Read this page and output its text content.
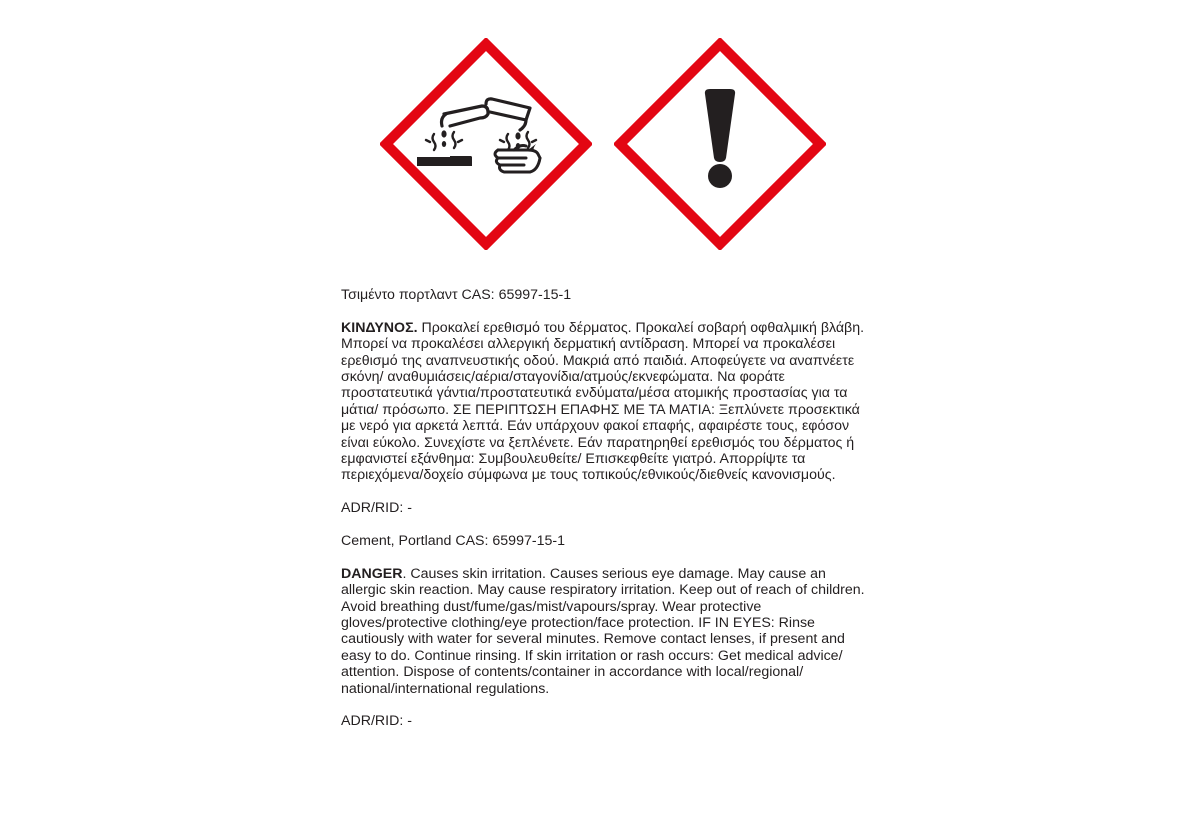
Τσιμέντο πορτλαντ CAS: 65997-15-1

ΚΙΝΔΥΝΟΣ. Προκαλεί ερεθισμό του δέρματος. Προκαλεί σοβαρή οφθαλμική βλάβη. Μπορεί να προκαλέσει αλλεργική δερματική αντίδραση. Μπορεί να προκαλέσει ερεθισμό της αναπνευστικής οδού. Μακριά από παιδιά. Αποφεύγετε να αναπνέετε σκόνη/ αναθυμιάσεις/αέρια/σταγονίδια/ατμούς/εκνεφώματα. Να φοράτε προστατευτικά γάντια/προστατευτικά ενδύματα/μέσα ατομικής προστασίας για τα μάτια/ πρόσωπο. ΣΕ ΠΕΡΙΠΤΩΣΗ ΕΠΑΦΗΣ ΜΕ ΤΑ ΜΑΤΙΑ: Ξεπλύνετε προσεκτικά με νερό για αρκετά λεπτά. Εάν υπάρχουν φακοί επαφής, αφαιρέστε τους, εφόσον είναι εύκολο. Συνεχίστε να ξεπλένετε. Εάν παρατηρηθεί ερεθισμός του δέρματος ή εμφανιστεί εξάνθημα: Συμβουλευθείτε/ Επισκεφθείτε γιατρό. Απορρίψτε τα περιεχόμενα/δοχείο σύμφωνα με τους τοπικούς/εθνικούς/διεθνείς κανονισμούς.

ADR/RID: -

Cement, Portland CAS: 65997-15-1

DANGER. Causes skin irritation. Causes serious eye damage. May cause an allergic skin reaction. May cause respiratory irritation. Keep out of reach of children. Avoid breathing dust/fume/gas/mist/vapours/spray. Wear protective gloves/protective clothing/eye protection/face protection. IF IN EYES: Rinse cautiously with water for several minutes. Remove contact lenses, if present and easy to do. Continue rinsing. If skin irritation or rash occurs: Get medical advice/ attention. Dispose of contents/container in accordance with local/regional/ national/international regulations.

ADR/RID: -
